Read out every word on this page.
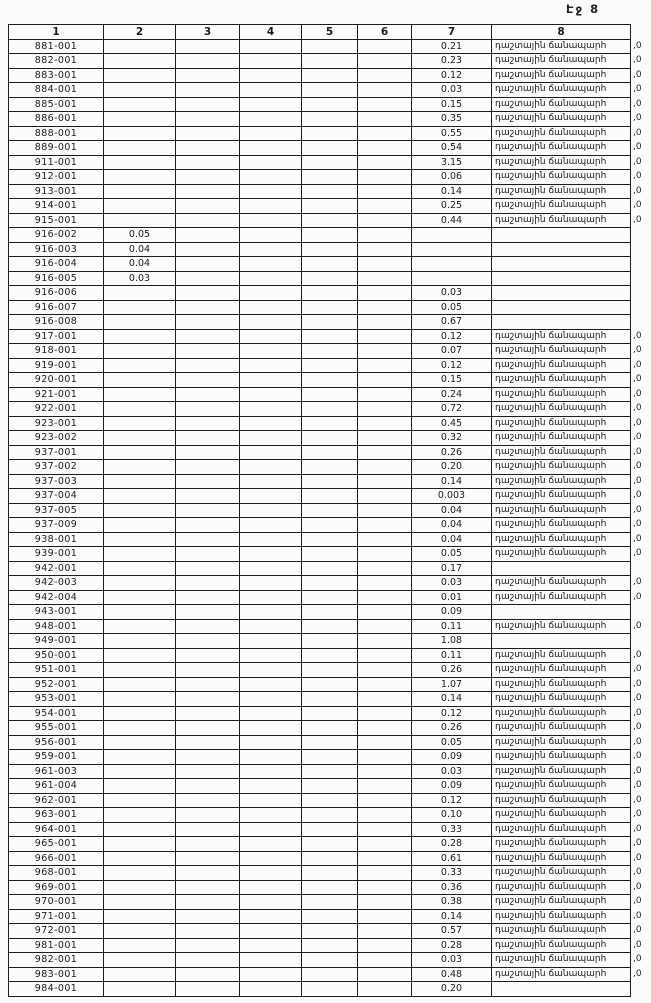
Էջ 8
1	2	3	4	5	6	7	8	
881-001						0.21	դաշտային ճանապարհ	,0
882-001						0.23	դաշտային ճանապարհ	,0
883-001						0.12	դաշտային ճանապարհ	,0
884-001						0.03	դաշտային ճանապարհ	,0
885-001						0.15	դաշտային ճանապարհ	,0
886-001						0.35	դաշտային ճանապարհ	,0
888-001						0.55	դաշտային ճանապարհ	,0
889-001						0.54	դաշտային ճանապարհ	,0
911-001						3.15	դաշտային ճանապարհ	,0
912-001						0.06	դաշտային ճանապարհ	,0
913-001						0.14	դաշտային ճանապարհ	,0
914-001						0.25	դաշտային ճանապարհ	,0
915-001						0.44	դաշտային ճանապարհ	,0
916-002	0.05							
916-003	0.04							
916-004	0.04							
916-005	0.03							
916-006						0.03		
916-007						0.05		
916-008						0.67		
917-001						0.12	դաշտային ճանապարհ	,0
918-001						0.07	դաշտային ճանապարհ	,0
919-001						0.12	դաշտային ճանապարհ	,0
920-001						0.15	դաշտային ճանապարհ	,0
921-001						0.24	դաշտային ճանապարհ	,0
922-001						0.72	դաշտային ճանապարհ	,0
923-001						0.45	դաշտային ճանապարհ	,0
923-002						0.32	դաշտային ճանապարհ	,0
937-001						0.26	դաշտային ճանապարհ	,0
937-002						0.20	դաշտային ճանապարհ	,0
937-003						0.14	դաշտային ճանապարհ	,0
937-004						0.003	դաշտային ճանապարհ	,0
937-005						0.04	դաշտային ճանապարհ	,0
937-009						0.04	դաշտային ճանապարհ	,0
938-001						0.04	դաշտային ճանապարհ	,0
939-001						0.05	դաշտային ճանապարհ	,0
942-001						0.17		
942-003						0.03	դաշտային ճանապարհ	,0
942-004						0.01	դաշտային ճանապարհ	,0
943-001						0.09		
948-001						0.11	դաշտային ճանապարհ	,0
949-001						1.08		
950-001						0.11	դաշտային ճանապարհ	,0
951-001						0.26	դաշտային ճանապարհ	,0
952-001						1.07	դաշտային ճանապարհ	,0
953-001						0.14	դաշտային ճանապարհ	,0
954-001						0.12	դաշտային ճանապարհ	,0
955-001						0.26	դաշտային ճանապարհ	,0
956-001						0.05	դաշտային ճանապարհ	,0
959-001						0.09	դաշտային ճանապարհ	,0
961-003						0.03	դաշտային ճանապարհ	,0
961-004						0.09	դաշտային ճանապարհ	,0
962-001						0.12	դաշտային ճանապարհ	,0
963-001						0.10	դաշտային ճանապարհ	,0
964-001						0.33	դաշտային ճանապարհ	,0
965-001						0.28	դաշտային ճանապարհ	,0
966-001						0.61	դաշտային ճանապարհ	,0
968-001						0.33	դաշտային ճանապարհ	,0
969-001						0.36	դաշտային ճանապարհ	,0
970-001						0.38	դաշտային ճանապարհ	,0
971-001						0.14	դաշտային ճանապարհ	,0
972-001						0.57	դաշտային ճանապարհ	,0
981-001						0.28	դաշտային ճանապարհ	,0
982-001						0.03	դաշտային ճանապարհ	,0
983-001						0.48	դաշտային ճանապարհ	,0
984-001						0.20		
